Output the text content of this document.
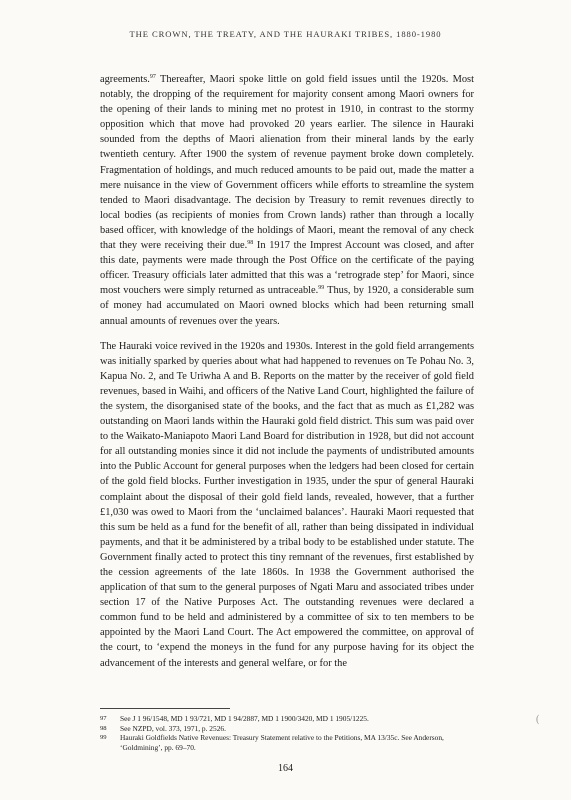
THE CROWN, THE TREATY, AND THE HAURAKI TRIBES, 1880-1980

agreements.$^{97}$ Thereafter, Maori spoke little on gold field issues until the 1920s. Most notably, the dropping of the requirement for majority consent among Maori owners for the opening of their lands to mining met no protest in 1910, in contrast to the stormy opposition which that move had provoked 20 years earlier. The silence in Hauraki sounded from the depths of Maori alienation from their mineral lands by the early twentieth century. After 1900 the system of revenue payment broke down completely. Fragmentation of holdings, and much reduced amounts to be paid out, made the matter a mere nuisance in the view of Government officers while efforts to streamline the system tended to Maori disadvantage. The decision by Treasury to remit revenues directly to local bodies (as recipients of monies from Crown lands) rather than through a locally based officer, with knowledge of the holdings of Maori, meant the removal of any check that they were receiving their due.$^{98}$ In 1917 the Imprest Account was closed, and after this date, payments were made through the Post Office on the certificate of the paying officer. Treasury officials later admitted that this was a ‘retrograde step’ for Maori, since most vouchers were simply returned as untraceable.$^{99}$ Thus, by 1920, a considerable sum of money had accumulated on Maori owned blocks which had been returning small annual amounts of revenues over the years.

The Hauraki voice revived in the 1920s and 1930s. Interest in the gold field arrangements was initially sparked by queries about what had happened to revenues on Te Pohau No. 3, Kapua No. 2, and Te Uriwha A and B. Reports on the matter by the receiver of gold field revenues, based in Waihi, and officers of the Native Land Court, highlighted the failure of the system, the disorganised state of the books, and the fact that as much as £1,282 was outstanding on Maori lands within the Hauraki gold field district. This sum was paid over to the Waikato-Maniapoto Maori Land Board for distribution in 1928, but did not account for all outstanding monies since it did not include the payments of undistributed amounts into the Public Account for general purposes when the ledgers had been closed for certain of the gold field blocks. Further investigation in 1935, under the spur of general Hauraki complaint about the disposal of their gold field lands, revealed, however, that a further £1,030 was owed to Maori from the ‘unclaimed balances’. Hauraki Maori requested that this sum be held as a fund for the benefit of all, rather than being dissipated in individual payments, and that it be administered by a tribal body to be established under statute. The Government finally acted to protect this tiny remnant of the revenues, first established by the cession agreements of the late 1860s. In 1938 the Government authorised the application of that sum to the general purposes of Ngati Maru and associated tribes under section 17 of the Native Purposes Act. The outstanding revenues were declared a common fund to be held and administered by a committee of six to ten members to be appointed by the Maori Land Court. The Act empowered the committee, on approval of the court, to ‘expend the moneys in the fund for any purpose having for its object the advancement of the interests and general welfare, or for the

97	See J 1 96/1548, MD 1 93/721, MD 1 94/2887, MD 1 1900/3420, MD 1 1905/1225.
98	See NZPD, vol. 373, 1971, p. 2526.
99	Hauraki Goldfields Native Revenues: Treasury Statement relative to the Petitions, MA 13/35c. See Anderson, ‘Goldmining’, pp. 69–70.
(
164
